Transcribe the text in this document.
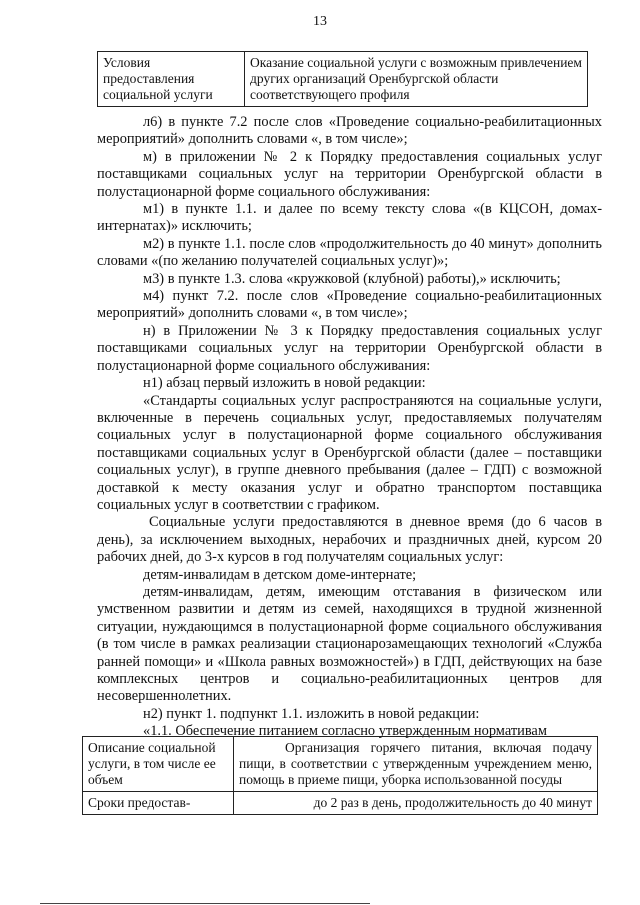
13
Условия предоставления социальной услуги	Оказание социальной услуги с возможным привлечением других организаций Оренбургской области соответствующего профиля

л6) в пункте 7.2 после слов «Проведение социально-реабилитационных мероприятий» дополнить словами «, в том числе»;

м) в приложении № 2 к Порядку предоставления социальных услуг поставщиками социальных услуг на территории Оренбургской области в полустационарной форме социального обслуживания:

м1) в пункте 1.1. и далее по всему тексту слова «(в КЦСОН, домах-интернатах)» исключить;

м2) в пункте 1.1. после слов «продолжительность до 40 минут» дополнить словами «(по желанию получателей социальных услуг)»;

м3) в пункте 1.3. слова «кружковой (клубной) работы),» исключить;

м4) пункт 7.2. после слов «Проведение социально-реабилитационных мероприятий» дополнить словами «, в том числе»;

н) в Приложении № 3 к Порядку предоставления социальных услуг поставщиками социальных услуг на территории Оренбургской области в полустационарной форме социального обслуживания:

н1) абзац первый изложить в новой редакции:

«Стандарты социальных услуг распространяются на социальные услуги, включенные в перечень социальных услуг, предоставляемых получателям социальных услуг в полустационарной форме социального обслуживания поставщиками социальных услуг в Оренбургской области (далее – поставщики социальных услуг), в группе дневного пребывания (далее – ГДП) с возможной доставкой к месту оказания услуг и обратно транспортом поставщика социальных услуг в соответствии с графиком.

Социальные услуги предоставляются в дневное время (до 6 часов в день), за исключением выходных, нерабочих и праздничных дней, курсом 20 рабочих дней, до 3-х курсов в год получателям социальных услуг:

детям-инвалидам в детском доме-интернате;

детям-инвалидам, детям, имеющим отставания в физическом или умственном развитии и детям из семей, находящихся в трудной жизненной ситуации, нуждающимся в полустационарной форме социального обслуживания (в том числе в рамках реализации стационарозамещающих технологий «Служба ранней помощи» и «Школа равных возможностей») в ГДП, действующих на базе комплексных центров и социально-реабилитационных центров для несовершеннолетних.

н2) пункт 1. подпункт 1.1. изложить в новой редакции:

«1.1. Обеспечение питанием согласно утвержденным нормативам

Описание социальной услуги, в том числе ее объем	Организация горячего питания, включая подачу пищи, в соответствии с утвержденным учреждением меню, помощь в приеме пищи, уборка использованной посуды
Сроки предостав-	до 2 раз в день, продолжительность до 40 минут
